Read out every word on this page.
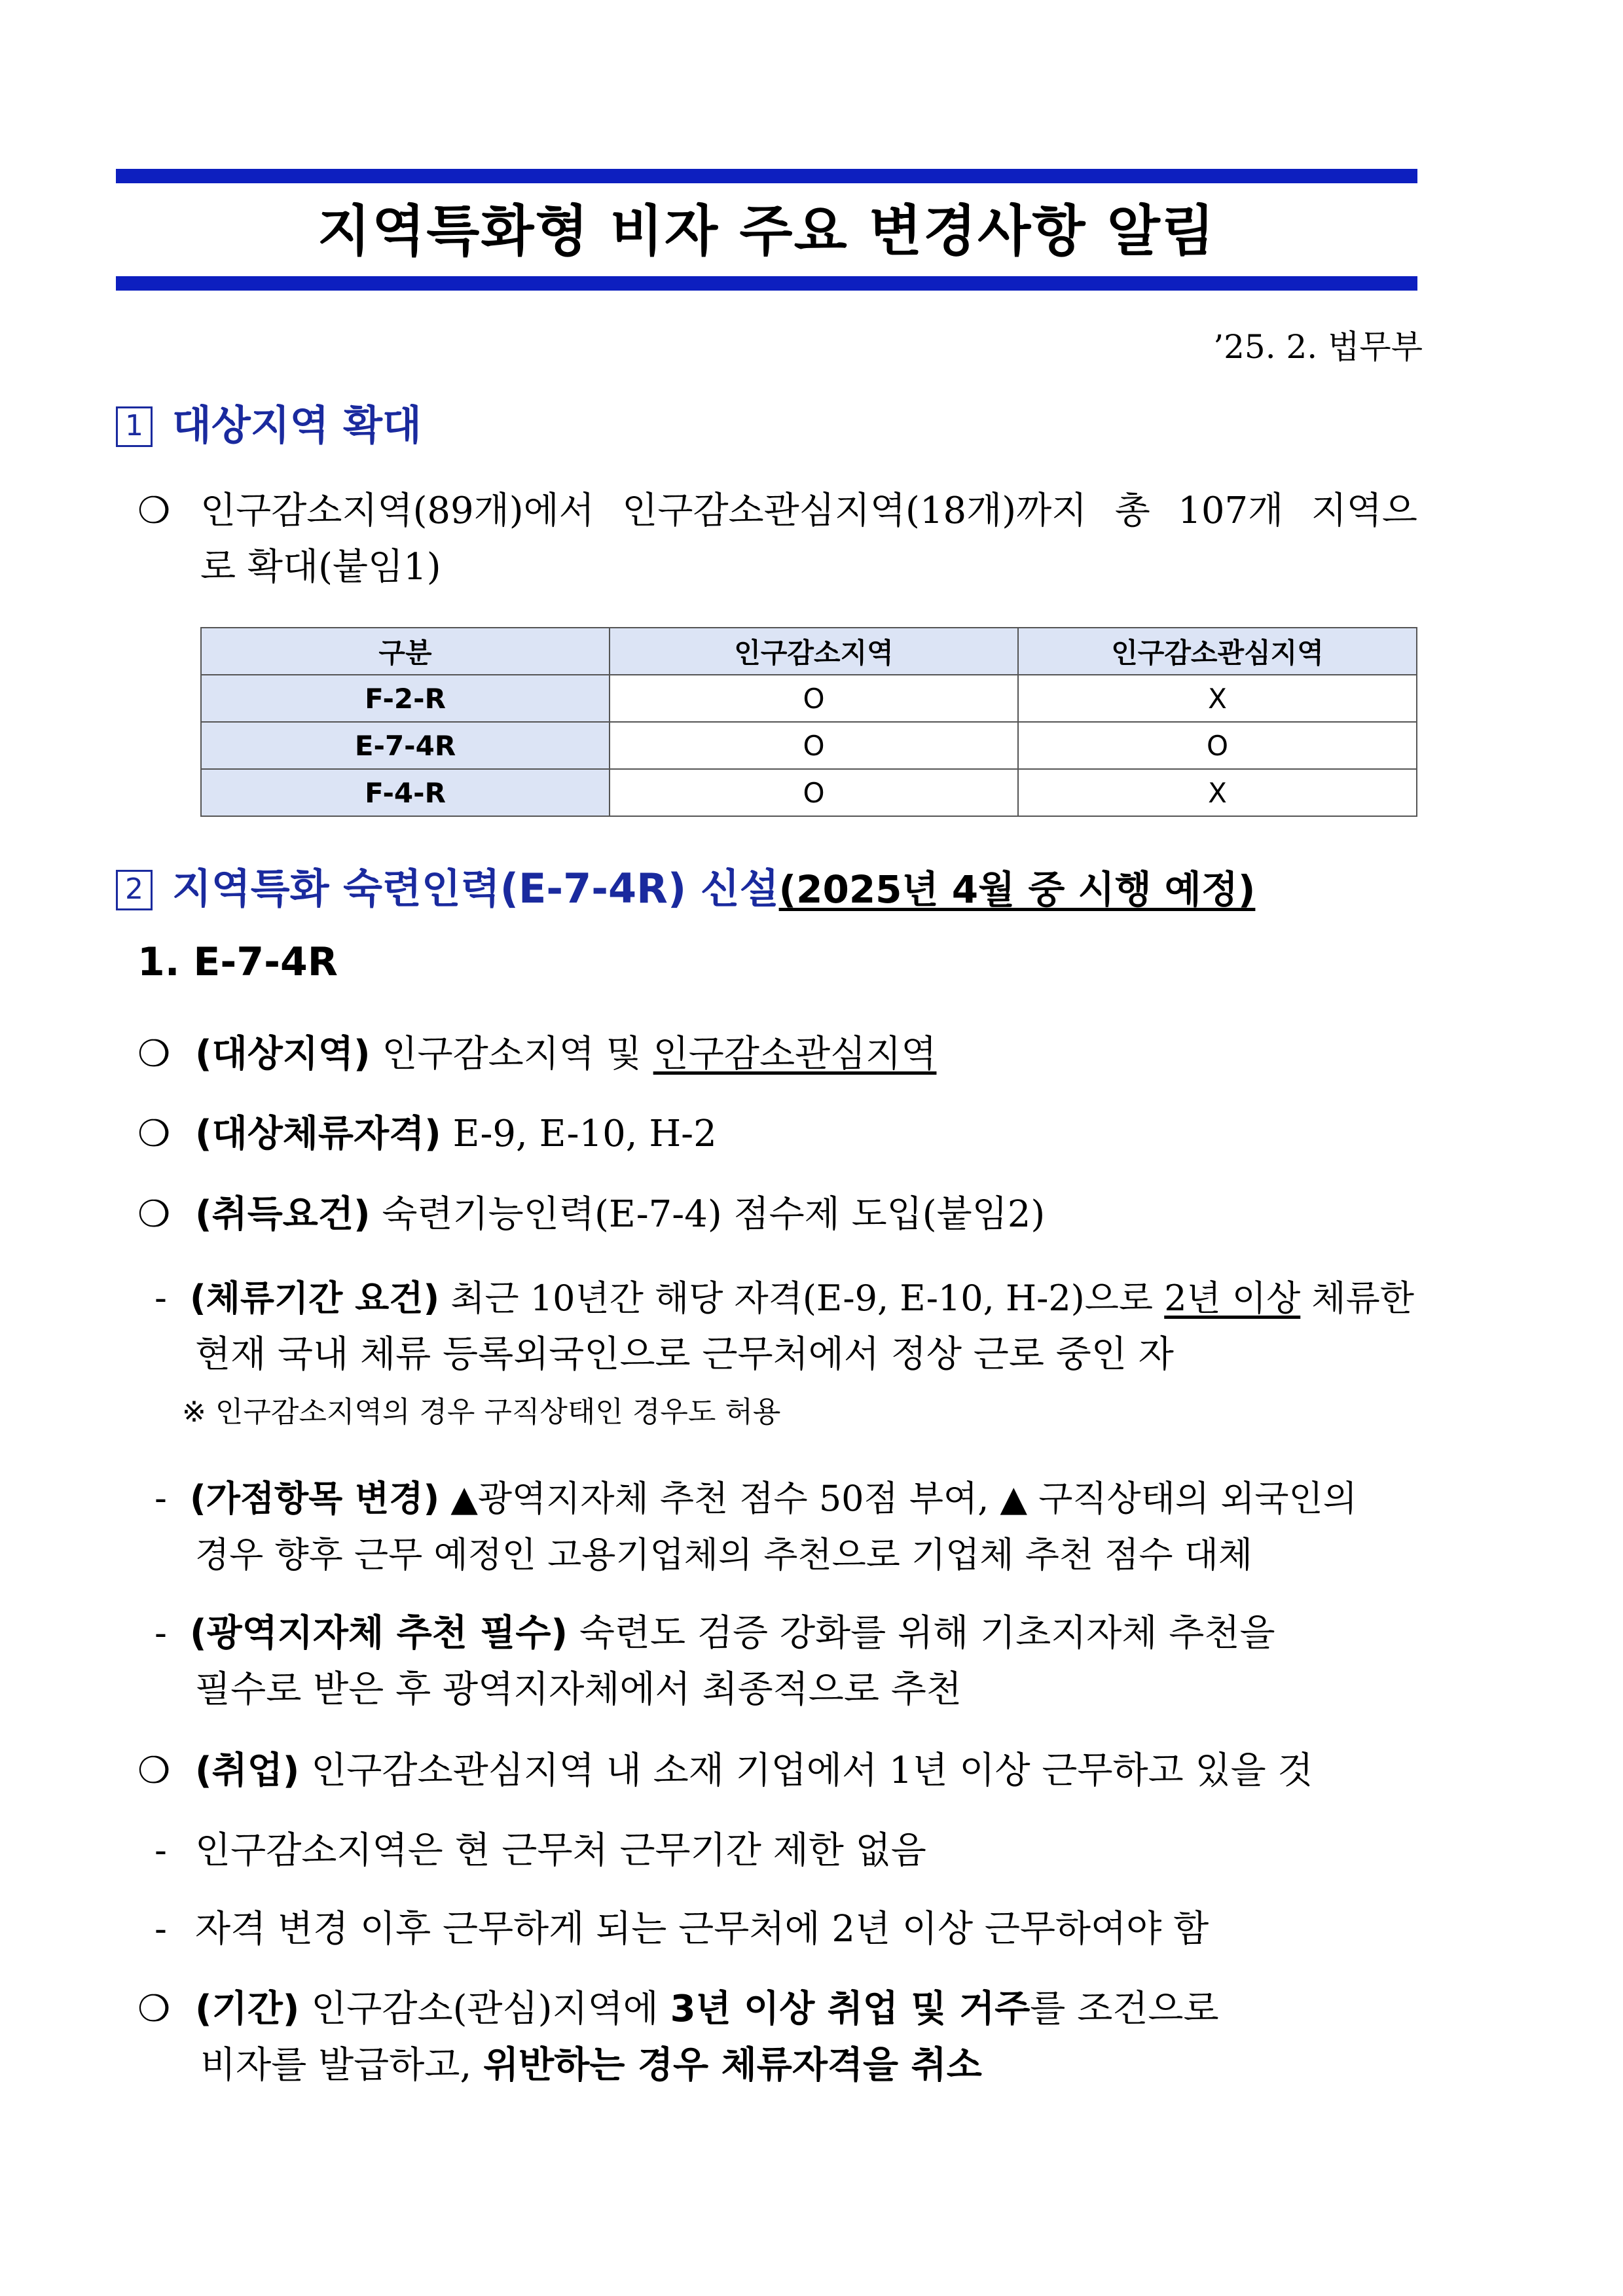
지역특화형 비자 주요 변경사항 알림
’25. 2. 법무부
1 대상지역 확대
❍ 인구감소지역(89개)에서 인구감소관심지역(18개)까지 총 107개 지역으
로 확대(붙임1)
구분	인구감소지역	인구감소관심지역
F-2-R	O	X
E-7-4R	O	O
F-4-R	O	X
2 지역특화 숙련인력(E-7-4R) 신설(2025년 4월 중 시행 예정)
1. E-7-4R
❍ (대상지역) 인구감소지역 및 인구감소관심지역
❍ (대상체류자격) E-9, E-10, H-2
❍ (취득요건) 숙련기능인력(E-7-4) 점수제 도입(붙임2)
- (체류기간 요건) 최근 10년간 해당 자격(E-9, E-10, H-2)으로 2년 이상 체류한
현재 국내 체류 등록외국인으로 근무처에서 정상 근로 중인 자
※ 인구감소지역의 경우 구직상태인 경우도 허용
- (가점항목 변경) ▲광역지자체 추천 점수 50점 부여, ▲ 구직상태의 외국인의
경우 향후 근무 예정인 고용기업체의 추천으로 기업체 추천 점수 대체
- (광역지자체 추천 필수) 숙련도 검증 강화를 위해 기초지자체 추천을
필수로 받은 후 광역지자체에서 최종적으로 추천
❍ (취업) 인구감소관심지역 내 소재 기업에서 1년 이상 근무하고 있을 것
- 인구감소지역은 현 근무처 근무기간 제한 없음
- 자격 변경 이후 근무하게 되는 근무처에 2년 이상 근무하여야 함
❍ (기간) 인구감소(관심)지역에 3년 이상 취업 및 거주를 조건으로
비자를 발급하고, 위반하는 경우 체류자격을 취소
